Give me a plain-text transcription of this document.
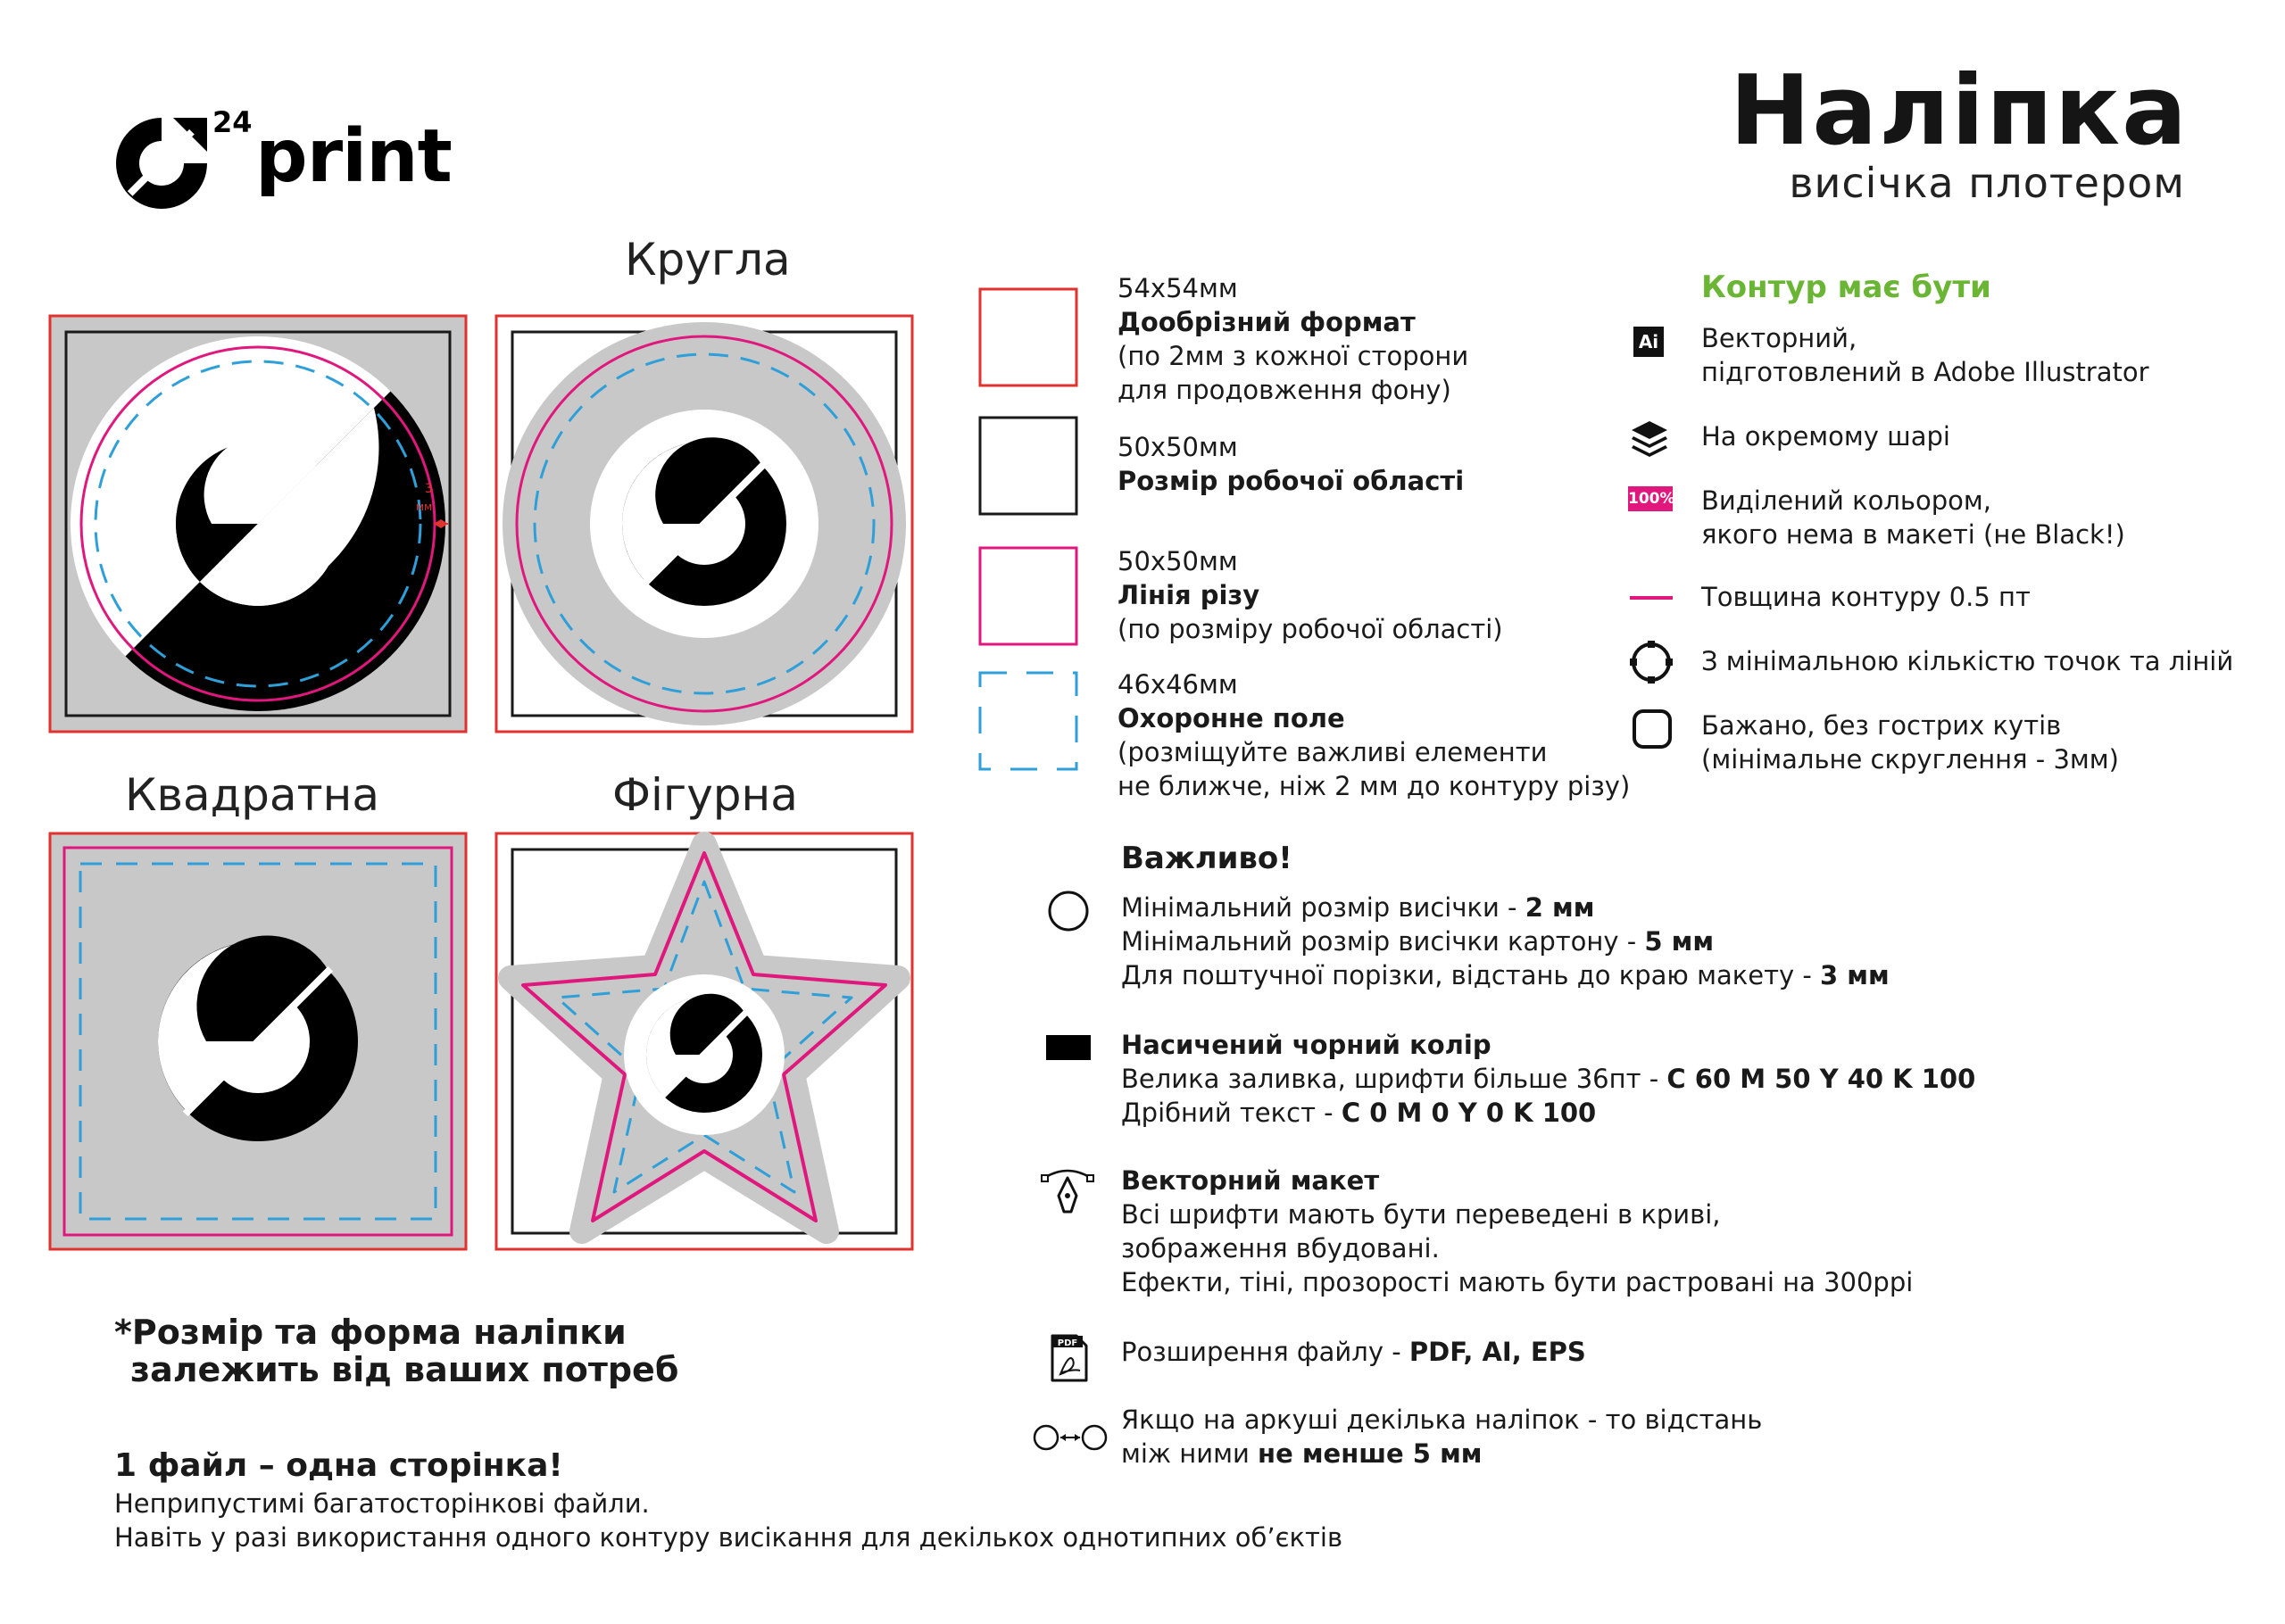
24 print	Наліпка
висічка плотером
Кругла
Квадратна	Фігурна
3
мм
54x54мм
Дообрізний формат
(по 2мм з кожної сторони
для продовження фону)
50x50мм
Розмір робочої області
50x50мм
Лінія різу
(по розміру робочої області)
46x46мм
Охоронне поле
(розміщуйте важливі елементи
не ближче, ніж 2 мм до контуру різу)
Контур має бути
Ai Векторний,
підготовлений в Adobe Illustrator
На окремому шарі
100% Виділений кольором,
якого нема в макеті (не Black!)
Товщина контуру 0.5 пт
З мінімальною кількістю точок та ліній
Бажано, без гострих кутів
(мінімальне скруглення - 3мм)
Важливо!
Мінімальний розмір висічки - 2 мм
Мінімальний розмір висічки картону - 5 мм
Для поштучної порізки, відстань до краю макету - 3 мм
Насичений чорний колір
Велика заливка, шрифти більше 36пт - C 60 M 50 Y 40 K 100
Дрібний текст - C 0 M 0 Y 0 K 100
Векторний макет
Всі шрифти мають бути переведені в криві,
зображення вбудовані.
Ефекти, тіні, прозорості мають бути растровані на 300ppi
PDF Розширення файлу - PDF, AI, EPS
Якщо на аркуші декілька наліпок - то відстань
між ними не менше 5 мм
*Розмір та форма наліпки
залежить від ваших потреб
1 файл – одна сторінка!
Неприпустимі багатосторінкові файли.
Навіть у разі використання одного контуру висікання для декількох однотипних об’єктів
